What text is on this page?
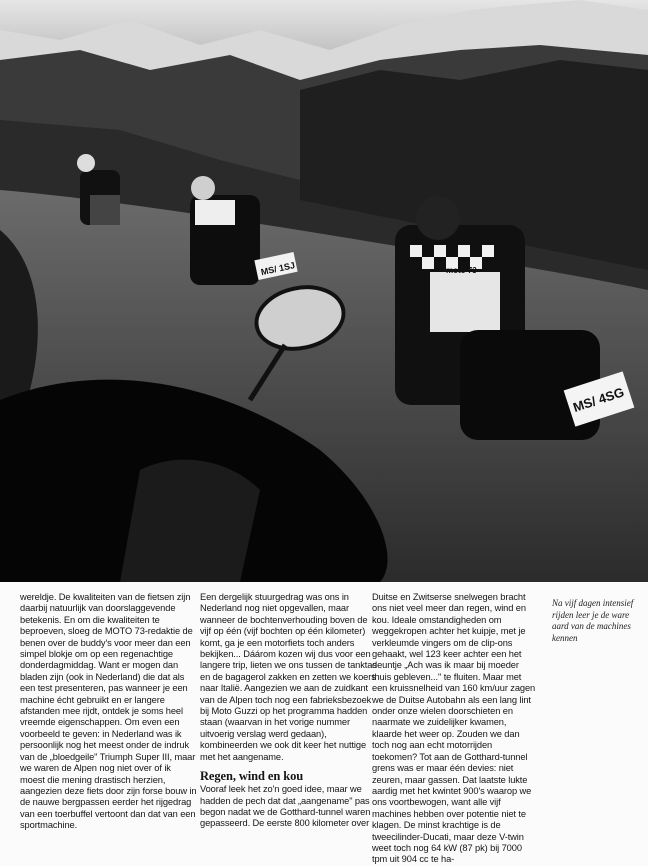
MS/ 1SJ	moto 73
MS/ 4SG

wereldje. De kwaliteiten van de fietsen zijn daarbij natuurlijk van doorslaggevende betekenis. En om die kwaliteiten te beproeven, sloeg de MOTO 73-redaktie de benen over de buddy's voor meer dan een simpel blokje om op een regenachtige donderdagmiddag. Want er mogen dan bladen zijn (ook in Nederland) die dat als een test presenteren, pas wanneer je een machine écht gebruikt en er langere afstanden mee rijdt, ontdek je soms heel vreemde eigenschappen. Om even een voorbeeld te geven: in Nederland was ik persoonlijk nog het meest onder de indruk van de „bloedgeile" Triumph Super III, maar we waren de Alpen nog niet over of ik moest die mening drastisch herzien, aangezien deze fiets door zijn forse bouw in de nauwe bergpassen eerder het rijgedrag van een toerbuffel vertoont dan dat van een sportmachine.

Een dergelijk stuurgedrag was ons in Nederland nog niet opgevallen, maar wanneer de bochtenverhouding boven de vijf op één (vijf bochten op één kilometer) komt, ga je een motorfiets toch anders bekijken... Dáárom kozen wij dus voor een langere trip, lieten we ons tussen de tanktas en de bagagerol zakken en zetten we koers naar Italië. Aangezien we aan de zuidkant van de Alpen toch nog een fabrieksbezoek bij Moto Guzzi op het programma hadden staan (waarvan in het vorige nummer uitvoerig verslag werd gedaan), kombineerden we ook dit keer het nuttige met het aangename.

Regen, wind en kou

Vooraf leek het zo'n goed idee, maar we hadden de pech dat dat „aangename" pas begon nadat we de Gotthard-tunnel waren gepasseerd. De eerste 800 kilometer over

Duitse en Zwitserse snelwegen bracht ons niet veel meer dan regen, wind en kou. Ideale omstandigheden om weggekropen achter het kuipje, met je verkleumde vingers om de clip-ons gehaakt, wel 123 keer achter een het deuntje „Ach was ik maar bij moeder thuis gebleven..." te fluiten. Maar met een kruissnelheid van 160 km/uur zagen we de Duitse Autobahn als een lang lint onder onze wielen doorschieten en naarmate we zuidelijker kwamen, klaarde het weer op. Zouden we dan toch nog aan echt motorrijden toekomen? Tot aan de Gotthard-tunnel grens was er maar één devies: niet zeuren, maar gassen. Dat laatste lukte aardig met het kwintet 900's waarop we ons voortbewogen, want alle vijf machines hebben over potentie niet te klagen. De minst krachtige is de tweecilinder-Ducati, maar deze V-twin weet toch nog 64 kW (87 pk) bij 7000 tpm uit 904 cc te ha-

Na vijf dagen intensief rijden leer je de ware aard van de machines kennen
